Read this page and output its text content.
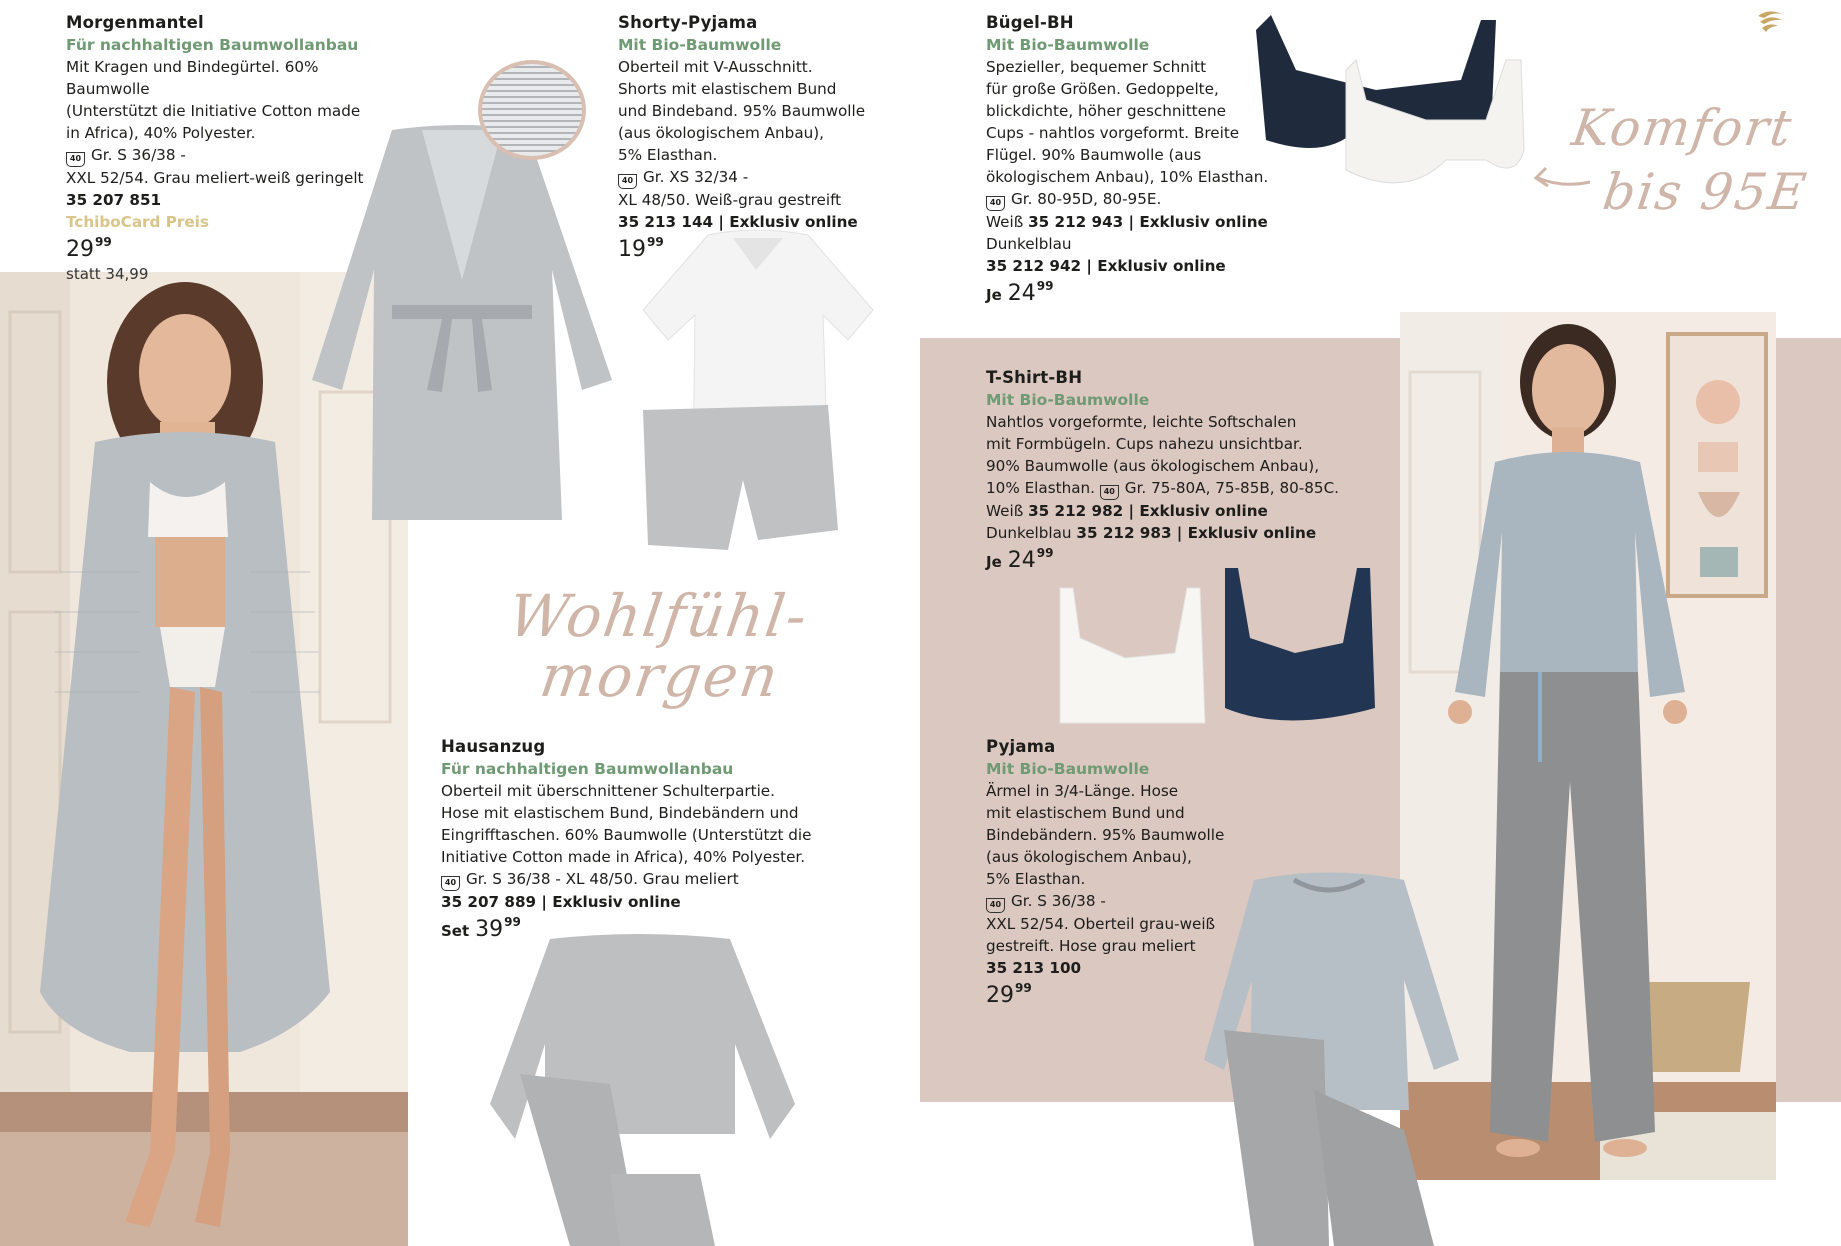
Wohlfühl-
morgen
Komfort
bis 95E
Morgenmantel
Für nachhaltigen Baumwollanbau
Mit Kragen und Bindegürtel. 60% Baumwolle
(Unterstützt die Initiative Cotton made
in Africa), 40% Polyester.
40 Gr. S 36/38 -
XXL 52/54. Grau meliert-weiß geringelt
35 207 851
TchiboCard Preis
29 99
statt 34,99
Shorty-Pyjama
Mit Bio-Baumwolle
Oberteil mit V-Ausschnitt.
Shorts mit elastischem Bund
und Bindeband. 95% Baumwolle
(aus ökologischem Anbau),
5% Elasthan.
40 Gr. XS 32/34 -
XL 48/50. Weiß-grau gestreift
35 213 144 | Exklusiv online
19 99
Bügel-BH
Mit Bio-Baumwolle
Spezieller, bequemer Schnitt
für große Größen. Gedoppelte,
blickdichte, höher geschnittene
Cups - nahtlos vorgeformt. Breite
Flügel. 90% Baumwolle (aus
ökologischem Anbau), 10% Elasthan.
40 Gr. 80-95D, 80-95E.
Weiß 35 212 943 | Exklusiv online
Dunkelblau
35 212 942 | Exklusiv online
Je 24 99
T-Shirt-BH
Mit Bio-Baumwolle
Nahtlos vorgeformte, leichte Softschalen
mit Formbügeln. Cups nahezu unsichtbar.
90% Baumwolle (aus ökologischem Anbau),
10% Elasthan. 40 Gr. 75-80A, 75-85B, 80-85C.
Weiß 35 212 982 | Exklusiv online
Dunkelblau 35 212 983 | Exklusiv online
Je 24 99
Hausanzug
Für nachhaltigen Baumwollanbau
Oberteil mit überschnittener Schulterpartie.
Hose mit elastischem Bund, Bindebändern und
Eingrifftaschen. 60% Baumwolle (Unterstützt die
Initiative Cotton made in Africa), 40% Polyester.
40 Gr. S 36/38 - XL 48/50. Grau meliert
35 207 889 | Exklusiv online
Set 39 99
Pyjama
Mit Bio-Baumwolle
Ärmel in 3/4-Länge. Hose
mit elastischem Bund und
Bindebändern. 95% Baumwolle
(aus ökologischem Anbau),
5% Elasthan.
40 Gr. S 36/38 -
XXL 52/54. Oberteil grau-weiß
gestreift. Hose grau meliert
35 213 100
29 99
